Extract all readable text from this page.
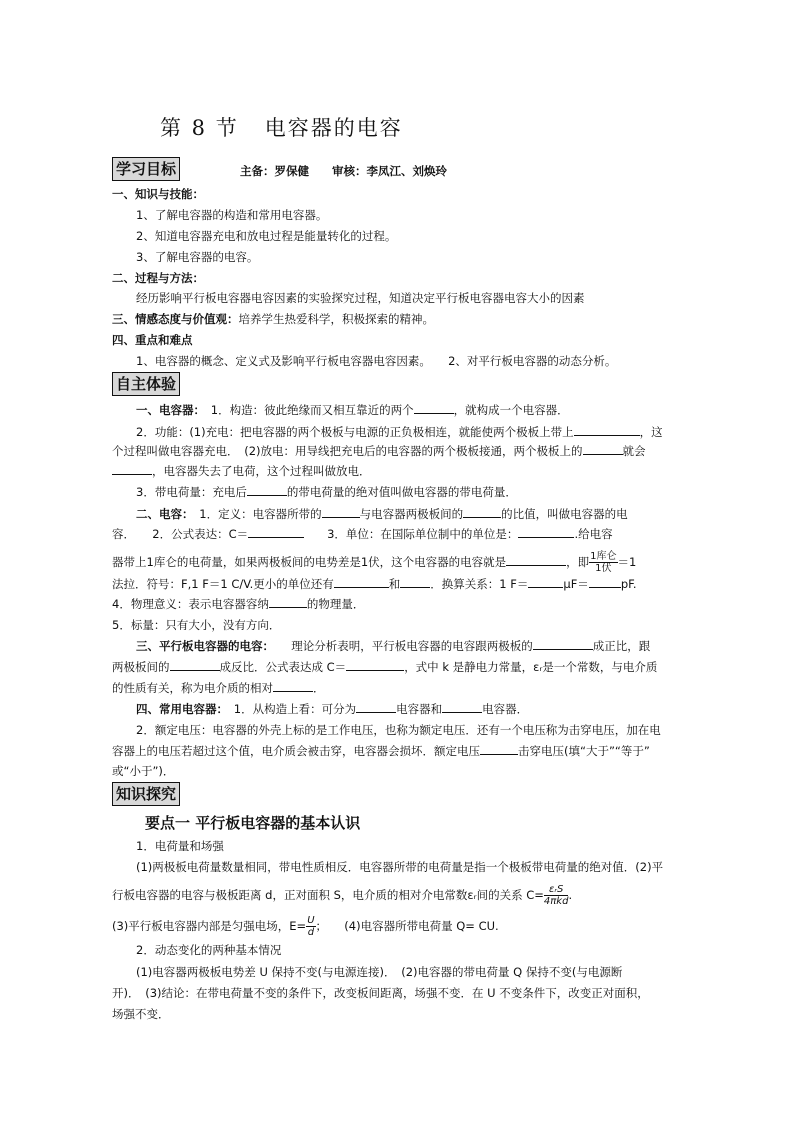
第 8 节 电容器的电容
学习目标	主备：罗保健　　审核：李凤江、刘焕玲
一、知识与技能：
1、了解电容器的构造和常用电容器。
2、知道电容器充电和放电过程是能量转化的过程。
3、了解电容器的电容。
二、过程与方法：
经历影响平行板电容器电容因素的实验探究过程，知道决定平行板电容器电容大小的因素
三、情感态度与价值观：培养学生热爱科学，积极探索的精神。
四、重点和难点
1、电容器的概念、定义式及影响平行板电容器电容因素。　　2、对平行板电容器的动态分析。
自主体验
一、电容器：　1．构造：彼此绝缘而又相互靠近的两个	，就构成一个电容器．
2．功能：(1)充电：把电容器的两个极板与电源的正负极相连，就能使两个极板上带上	，这
个过程叫做电容器充电．　(2)放电：用导线把充电后的电容器的两个极板接通，两个极板上的	就会
，电容器失去了电荷，这个过程叫做放电．
3．带电荷量：充电后	的带电荷量的绝对值叫做电容器的带电荷量．
二、电容：　1．定义：电容器所带的	与电容器两极板间的	的比值，叫做电容器的电
容．　　2．公式表达：C＝	　　3．单位：在国际单位制中的单位是：	.给电容
器带上1库仑的电荷量，如果两极板间的电势差是1伏，这个电容器的电容就是	，即 $\frac{\text{1库仑}}{\text{1伏}} =1$
法拉．符号：F,1 F＝1 C/V.更小的单位还有	和	．换算关系：1 F＝	μF＝	pF.
4．物理意义：表示电容器容纳	的物理量．
5．标量：只有大小，没有方向．
三、平行板电容器的电容：　　理论分析表明，平行板电容器的电容跟两极板的	成正比，跟
两极板间的	成反比．公式表达成 C＝	，式中 k 是静电力常量，εᵣ是一个常数，与电介质
的性质有关，称为电介质的相对	．
四、常用电容器：　1．从构造上看：可分为	电容器和	电容器．
2．额定电压：电容器的外壳上标的是工作电压，也称为额定电压．还有一个电压称为击穿电压，加在电
容器上的电压若超过这个值，电介质会被击穿，电容器会损坏．额定电压	击穿电压(填“大于”“等于”
或“小于”)．
知识探究
要点一 平行板电容器的基本认识
1．电荷量和场强
(1)两极板电荷量数量相同，带电性质相反．电容器所带的电荷量是指一个极板带电荷量的绝对值．(2)平
行板电容器的电容与极板距离 d，正对面积 S，电介质的相对介电常数εᵣ间的关系 $C= \frac{\text{εᵣS}}{\text{4πkd}}$ .
(3)平行板电容器内部是匀强电场，$E= \frac{U}{d}$ ；　　(4)电容器所带电荷量 Q= CU.
2．动态变化的两种基本情况
(1)电容器两极板电势差 U 保持不变(与电源连接)．　(2)电容器的带电荷量 Q 保持不变(与电源断
开)．　(3)结论：在带电荷量不变的条件下，改变板间距离，场强不变．在 U 不变条件下，改变正对面积，
场强不变．
